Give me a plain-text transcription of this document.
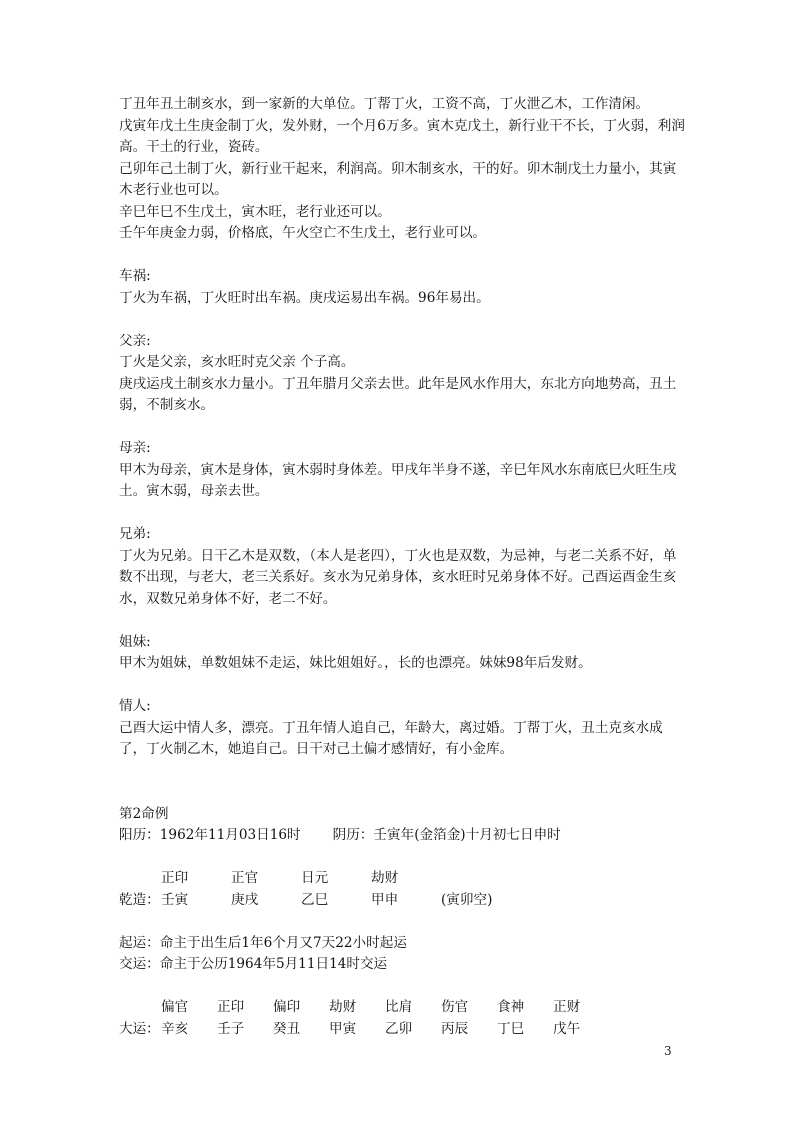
丁丑年丑土制亥水，到一家新的大单位。丁帮丁火，工资不高，丁火泄乙木，工作清闲。

戊寅年戊土生庚金制丁火，发外财，一个月6万多。寅木克戊土，新行业干不长，丁火弱，利润高。干土的行业，瓷砖。

己卯年己土制丁火，新行业干起来，利润高。卯木制亥水，干的好。卯木制戊土力量小，其寅木老行业也可以。

辛巳年巳不生戊土，寅木旺，老行业还可以。

壬午年庚金力弱，价格底，午火空亡不生戊土，老行业可以。

车祸:

丁火为车祸，丁火旺时出车祸。庚戌运易出车祸。96年易出。

父亲:

丁火是父亲，亥水旺时克父亲 个子高。

庚戌运戌土制亥水力量小。丁丑年腊月父亲去世。此年是风水作用大，东北方向地势高，丑土弱，不制亥水。

母亲:

甲木为母亲，寅木是身体，寅木弱时身体差。甲戌年半身不遂，辛巳年风水东南底巳火旺生戌土。寅木弱，母亲去世。

兄弟:

丁火为兄弟。日干乙木是双数，（本人是老四），丁火也是双数，为忌神，与老二关系不好，单数不出现，与老大，老三关系好。亥水为兄弟身体，亥水旺时兄弟身体不好。己酉运酉金生亥水，双数兄弟身体不好，老二不好。

姐妹:

甲木为姐妹，单数姐妹不走运，妹比姐姐好。，长的也漂亮。妹妹98年后发财。

情人:

己酉大运中情人多，漂亮。丁丑年情人追自己，年龄大，离过婚。丁帮丁火，丑土克亥水成了，丁火制乙木，她追自己。日干对己土偏才感情好，有小金库。

第2命例

阳历：1962年11月03日16时 阴历：壬寅年(金箔金)十月初七日申时

正印	正官	日元	劫财
乾造： 壬寅	庚戌	乙巳	甲申	(寅卯空)

起运：命主于出生后1年6个月又7天22小时起运

交运：命主于公历1964年5月11日14时交运

偏官	正印	偏印	劫财	比肩	伤官	食神	正财
大运： 辛亥	壬子	癸丑	甲寅	乙卯	丙辰	丁巳	戊午
3
